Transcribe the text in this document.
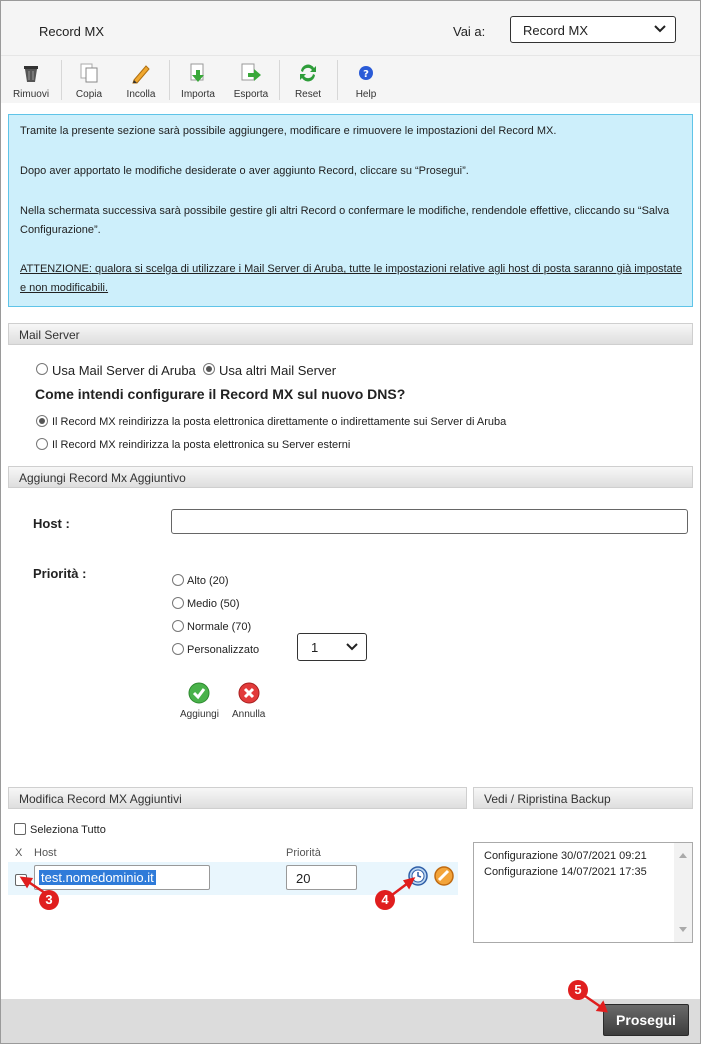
Record MX	Vai a:	Record MX
Rimuovi	Copia	Incolla	Importa	Esporta	Reset
?
Help

Tramite la presente sezione sarà possibile aggiungere, modificare e rimuovere le impostazioni del Record MX.

Dopo aver apportato le modifiche desiderate o aver aggiunto Record, cliccare su “Prosegui”.

Nella schermata successiva sarà possibile gestire gli altri Record o confermare le modifiche, rendendole effettive, cliccando su “Salva Configurazione”.

ATTENZIONE: qualora si scelga di utilizzare i Mail Server di Aruba, tutte le impostazioni relative agli host di posta saranno già impostate e non modificabili.

Mail Server
Usa Mail Server di Aruba Usa altri Mail Server
Come intendi configurare il Record MX sul nuovo DNS?
Il Record MX reindirizza la posta elettronica direttamente o indirettamente sui Server di Aruba
Il Record MX reindirizza la posta elettronica su Server esterni
Aggiungi Record Mx Aggiuntivo
Host :
Priorità :	Alto (20)
Medio (50)
Normale (70)
Personalizzato	1
Aggiungi Annulla
Modifica Record MX Aggiuntivi	Vedi / Ripristina Backup
Seleziona Tutto
X Host	Priorità
test.nomedominio.it	20
Configurazione 30/07/2021 09:21
Configurazione 14/07/2021 17:35
Prosegui
3	4
5
